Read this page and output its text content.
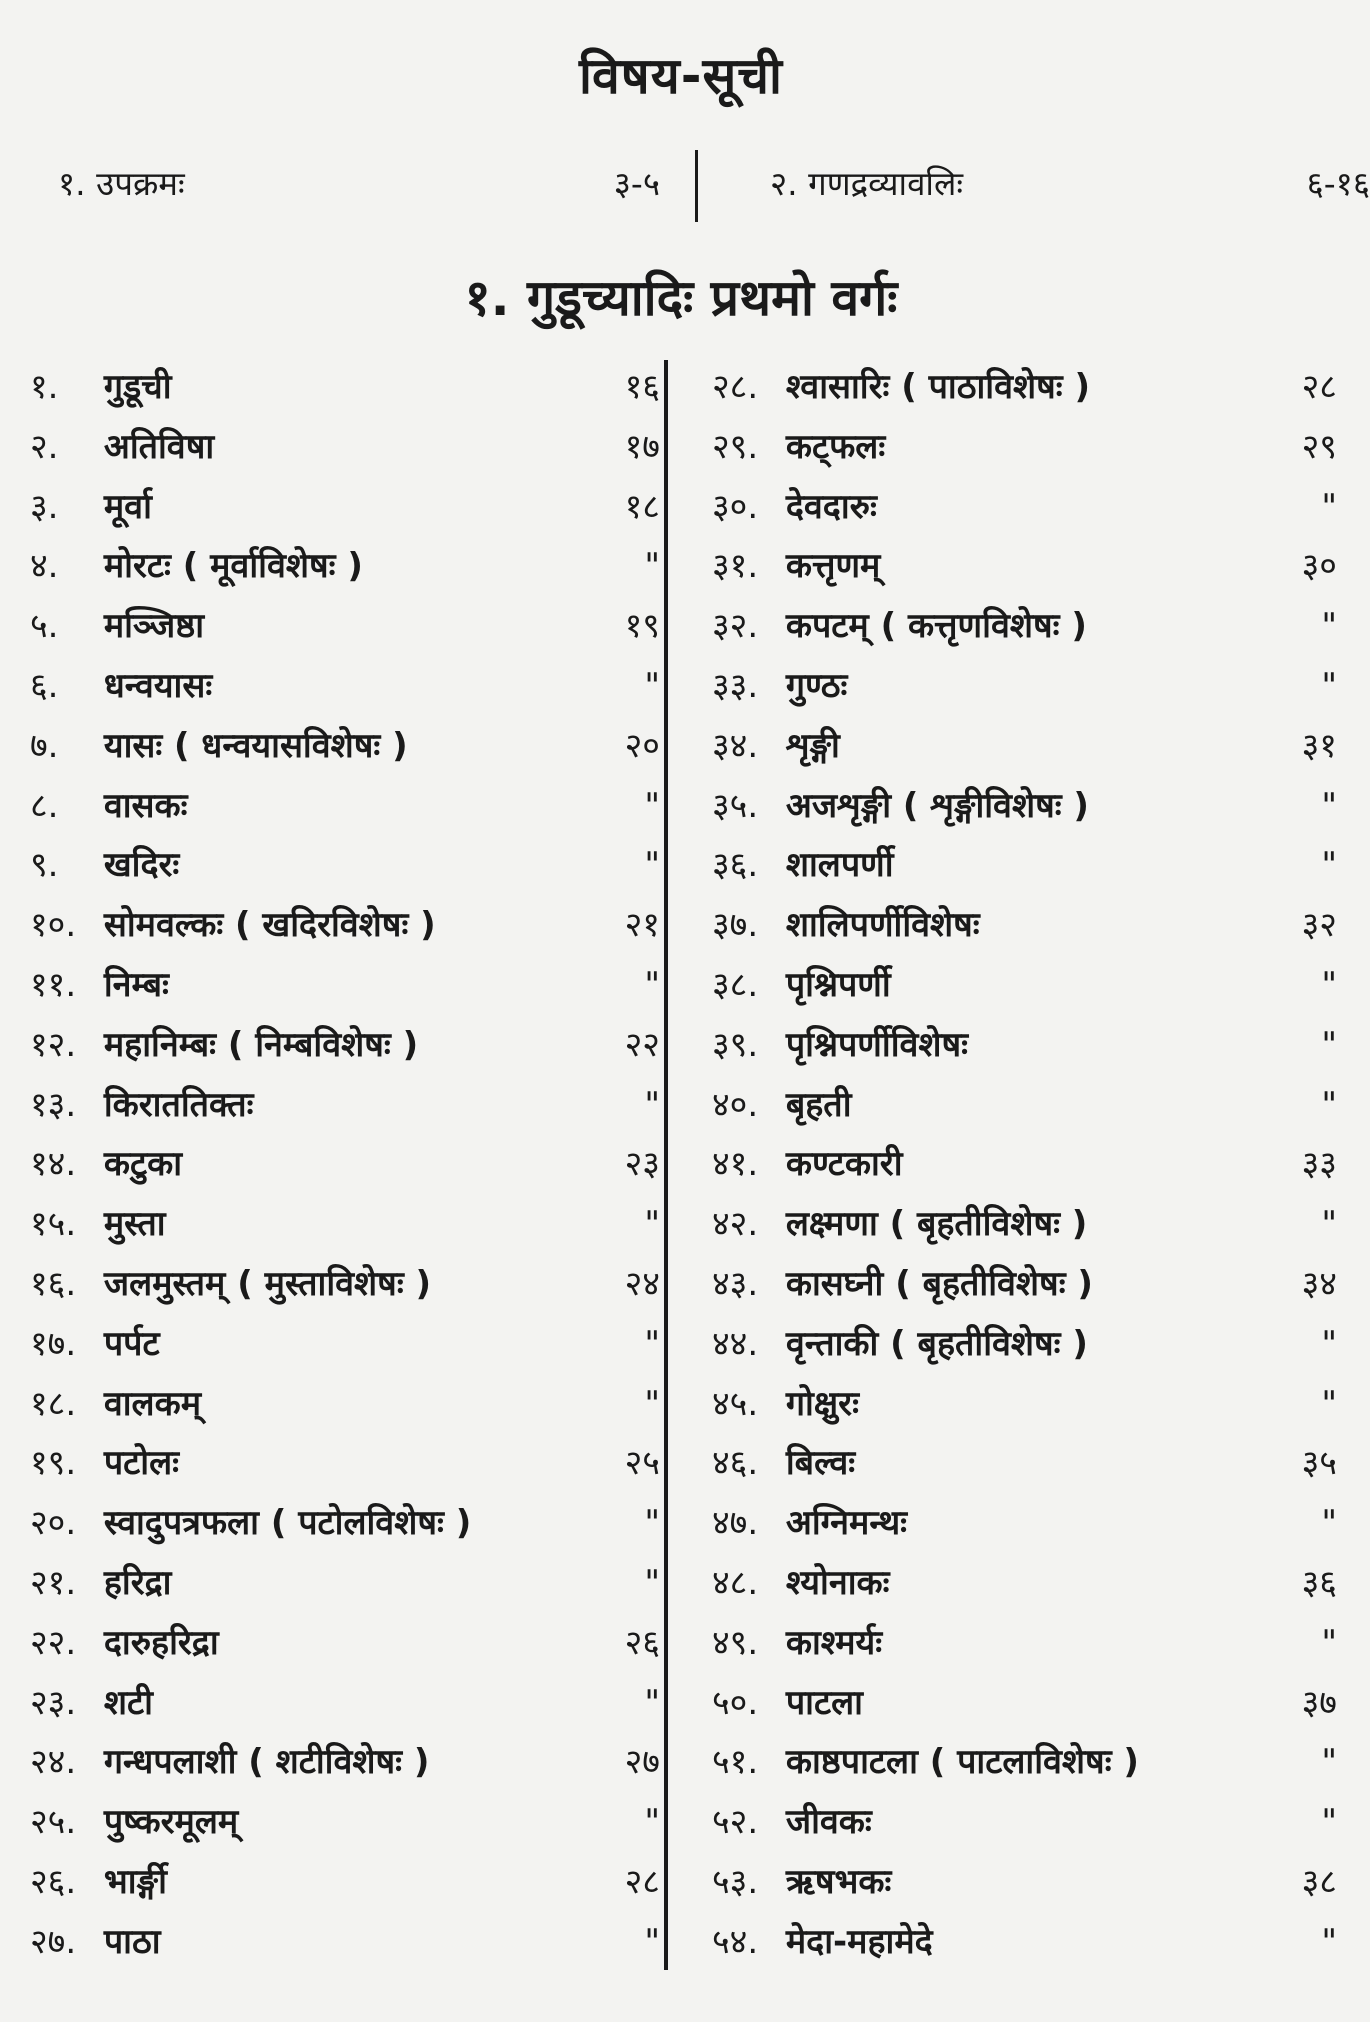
विषय-सूची
१. उपक्रमः	३-५	२. गणद्रव्यावलिः	६-१६
१. गुडूच्यादिः प्रथमो वर्गः
१. गुडूची	१६
२. अतिविषा	१७
३. मूर्वा	१८
४. मोरटः ( मूर्वाविशेषः )	"
५. मञ्जिष्ठा	१९
६. धन्वयासः	"
७. यासः ( धन्वयासविशेषः )	२०
८. वासकः	"
९. खदिरः	"
१०. सोमवल्कः ( खदिरविशेषः )	२१
११. निम्बः	"
१२. महानिम्बः ( निम्बविशेषः )	२२
१३. किराततिक्तः	"
१४. कटुका	२३
१५. मुस्ता	"
१६. जलमुस्तम् ( मुस्ताविशेषः )	२४
१७. पर्पट	"
१८. वालकम्	"
१९. पटोलः	२५
२०. स्वादुपत्रफला ( पटोलविशेषः )	"
२१. हरिद्रा	"
२२. दारुहरिद्रा	२६
२३. शटी	"
२४. गन्धपलाशी ( शटीविशेषः )	२७
२५. पुष्करमूलम्	"
२६. भार्ङ्गी	२८
२७. पाठा	"
२८. श्वासारिः ( पाठाविशेषः )	२८
२९. कट्फलः	२९
३०. देवदारुः	"
३१. कत्तृणम्	३०
३२. कपटम् ( कत्तृणविशेषः )	"
३३. गुण्ठः	"
३४. शृङ्गी	३१
३५. अजशृङ्गी ( शृङ्गीविशेषः )	"
३६. शालपर्णी	"
३७. शालिपर्णीविशेषः	३२
३८. पृश्निपर्णी	"
३९. पृश्निपर्णीविशेषः	"
४०. बृहती	"
४१. कण्टकारी	३३
४२. लक्ष्मणा ( बृहतीविशेषः )	"
४३. कासघ्नी ( बृहतीविशेषः )	३४
४४. वृन्ताकी ( बृहतीविशेषः )	"
४५. गोक्षुरः	"
४६. बिल्वः	३५
४७. अग्निमन्थः	"
४८. श्योनाकः	३६
४९. काश्मर्यः	"
५०. पाटला	३७
५१. काष्ठपाटला ( पाटलाविशेषः )	"
५२. जीवकः	"
५३. ऋषभकः	३८
५४. मेदा-महामेदे	"
